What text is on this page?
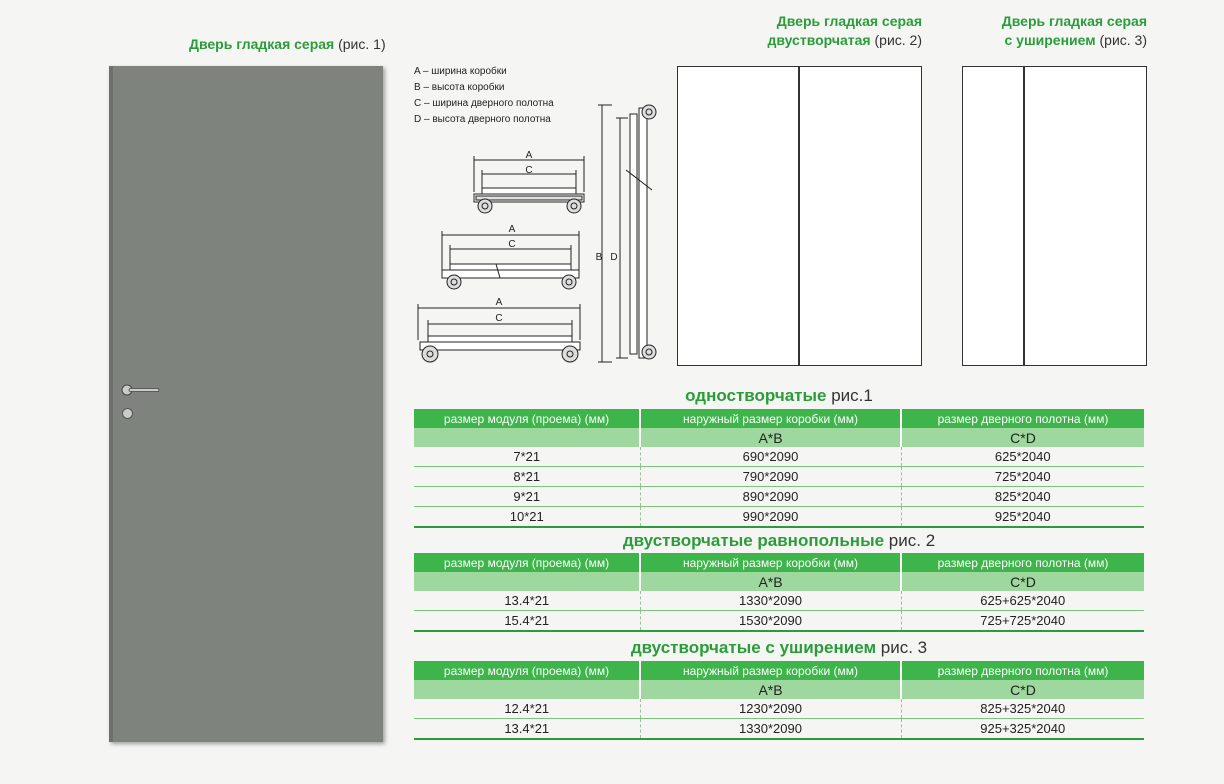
Дверь гладкая серая (рис. 1)
A – ширина коробки
B – высота коробки
C – ширина дверного полотна
D – высота дверного полотна
A
C
A
C
A
C
B D
Дверь гладкая серая
двустворчатая (рис. 2)
Дверь гладкая серая
с уширением (рис. 3)
одностворчатые рис.1
размер модуля (проема) (мм)	наружный размер коробки (мм)	размер дверного полотна (мм)
	A*B	C*D
7*21	690*2090	625*2040
8*21	790*2090	725*2040
9*21	890*2090	825*2040
10*21	990*2090	925*2040
двустворчатые равнопольные рис. 2
размер модуля (проема) (мм)	наружный размер коробки (мм)	размер дверного полотна (мм)
	A*B	C*D
13.4*21	1330*2090	625+625*2040
15.4*21	1530*2090	725+725*2040
двустворчатые с уширением рис. 3
размер модуля (проема) (мм)	наружный размер коробки (мм)	размер дверного полотна (мм)
	A*B	C*D
12.4*21	1230*2090	825+325*2040
13.4*21	1330*2090	925+325*2040
